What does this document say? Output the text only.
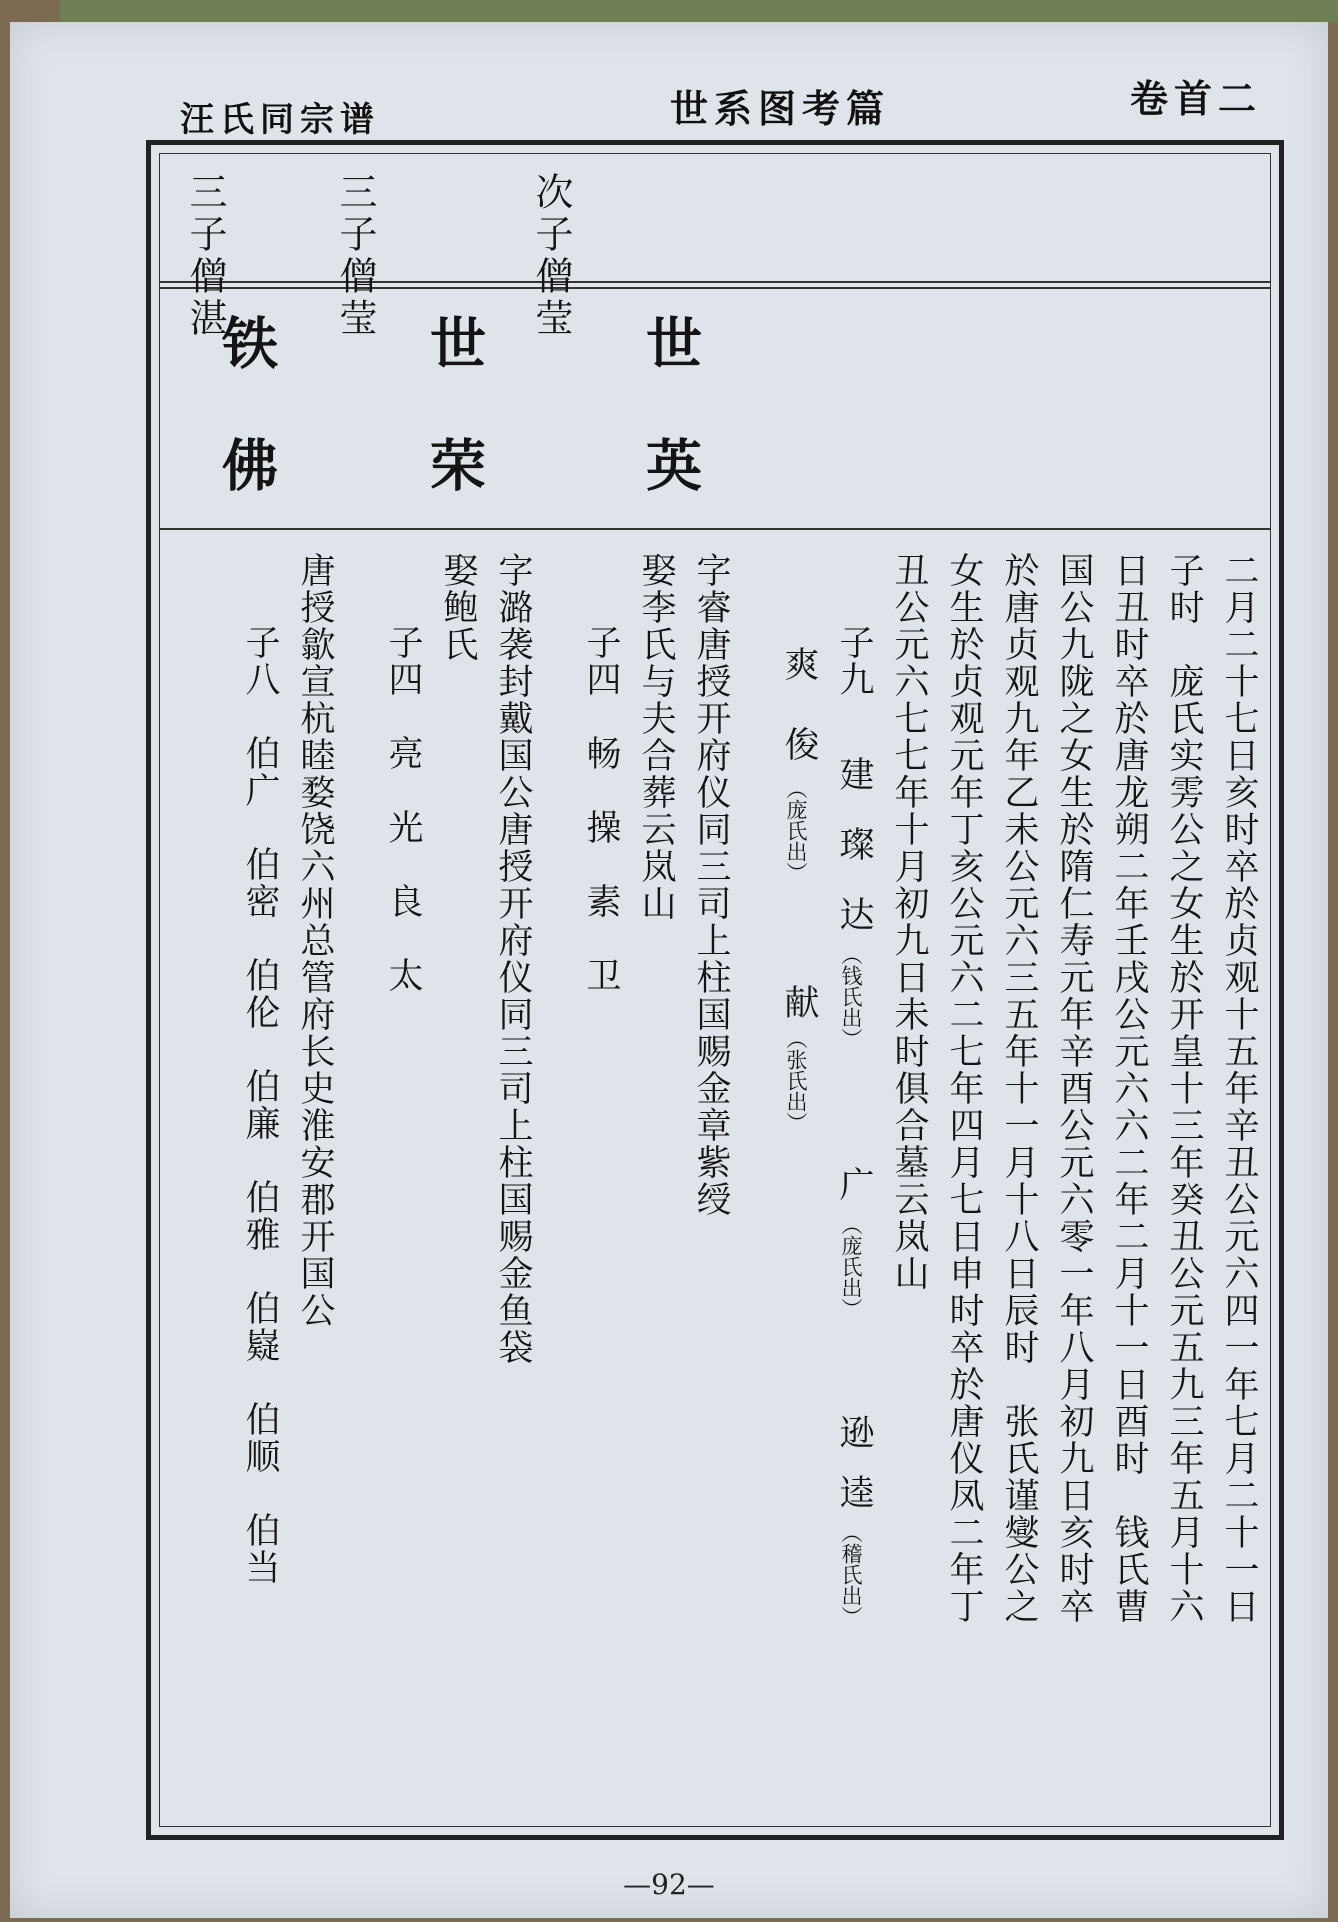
汪氏同宗谱	世系图考篇	卷首二
次子僧莹
三子僧莹
三子僧湛
世英
世荣
铁佛
二月二十七日亥时卒於贞观十五年辛丑公元六四一年七月二十一日
子时　庞氏实雱公之女生於开皇十三年癸丑公元五九三年五月十六
日丑时卒於唐龙朔二年壬戌公元六六二年二月十一日酉时　钱氏曹
国公九陇之女生於隋仁寿元年辛酉公元六零一年八月初九日亥时卒
於唐贞观九年乙未公元六三五年十一月十八日辰时　张氏谨燮公之
女生於贞观元年丁亥公元六二七年四月七日申时卒於唐仪凤二年丁
丑公元六七七年十月初九日未时俱合墓云岚山
子九
建
璨
达
（钱氏出）
广
（庞氏出）
逊
逵
（稽氏出）
爽
俊
（庞氏出）
献
（张氏出）
字睿唐授开府仪同三司上柱国赐金章紫绶
娶李氏与夫合葬云岚山
子四　畅　操　素　卫
字潞袭封戴国公唐授开府仪同三司上柱国赐金鱼袋
娶鲍氏
子四　亮　光　良　太
唐授歙宣杭睦婺饶六州总管府长史淮安郡开国公
子八　伯广　伯密　伯伦　伯廉　伯雅　伯嶷　伯顺　伯当
—92—
